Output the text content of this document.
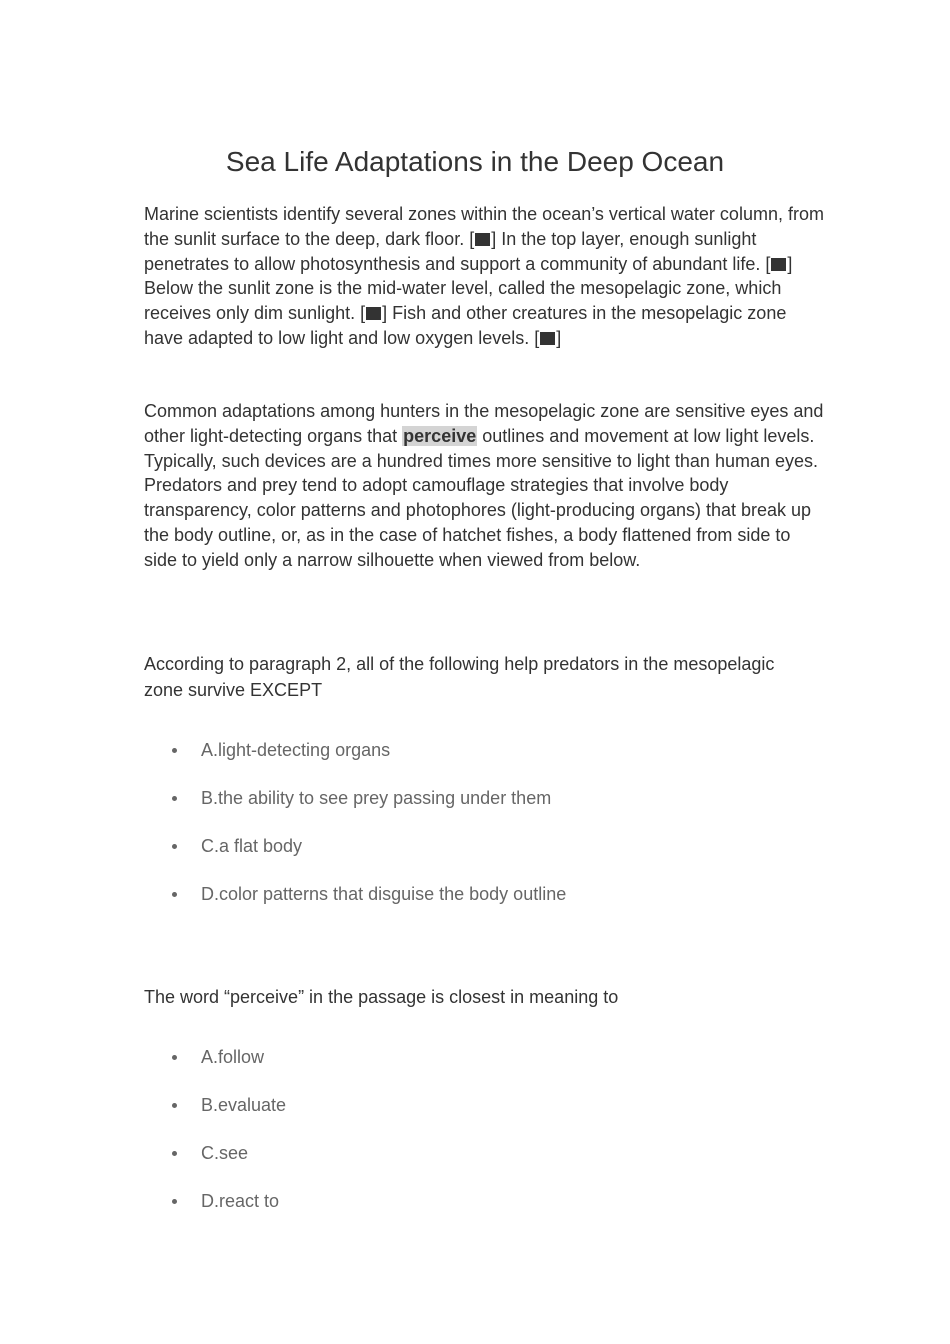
Sea Life Adaptations in the Deep Ocean

Marine scientists identify several zones within the ocean’s vertical water column, from the sunlit surface to the deep, dark floor. [ ] In the top layer, enough sunlight penetrates to allow photosynthesis and support a community of abundant life. [ ] Below the sunlit zone is the mid-water level, called the mesopelagic zone, which receives only dim sunlight. [ ] Fish and other creatures in the mesopelagic zone have adapted to low light and low oxygen levels. [ ]

Common adaptations among hunters in the mesopelagic zone are sensitive eyes and other light-detecting organs that perceive outlines and movement at low light levels. Typically, such devices are a hundred times more sensitive to light than human eyes. Predators and prey tend to adopt camouflage strategies that involve body transparency, color patterns and photophores (light-producing organs) that break up the body outline, or, as in the case of hatchet fishes, a body flattened from side to side to yield only a narrow silhouette when viewed from below.

According to paragraph 2, all of the following help predators in the mesopelagic zone survive EXCEPT

A.light-detecting organs
B.the ability to see prey passing under them
C.a flat body
D.color patterns that disguise the body outline

The word “perceive” in the passage is closest in meaning to

A.follow
B.evaluate
C.see
D.react to
